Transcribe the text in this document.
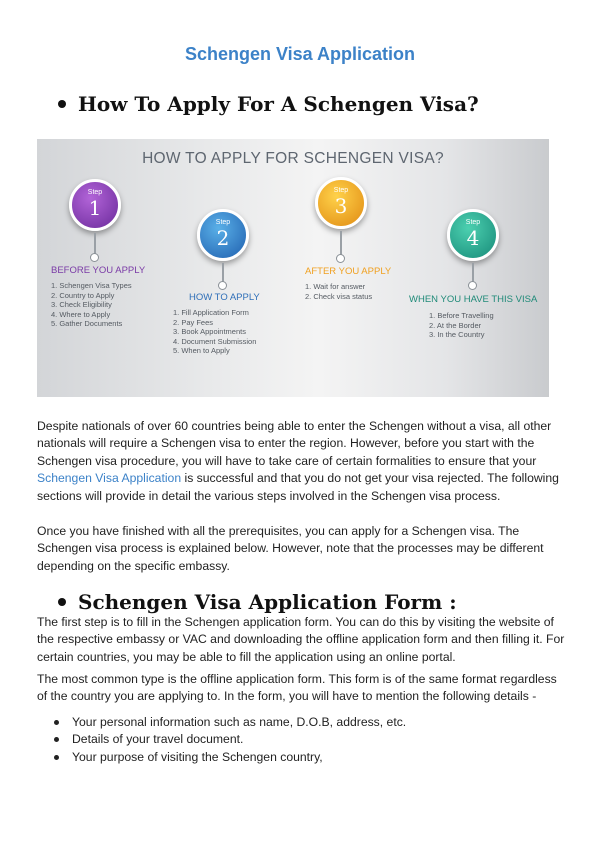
Schengen Visa Application
How To Apply For A Schengen Visa?
HOW TO APPLY FOR SCHENGEN VISA?
Step
1
BEFORE YOU APPLY
1. Schengen Visa Types
2. Country to Apply
3. Check Eligibility
4. Where to Apply
5. Gather Documents
Step
2
HOW TO APPLY
1. Fill Application Form
2. Pay Fees
3. Book Appointments
4. Document Submission
5. When to Apply
Step
3
AFTER YOU APPLY
1. Wait for answer
2. Check visa status
Step
4
WHEN YOU HAVE THIS VISA
1. Before Travelling
2. At the Border
3. In the Country

Despite nationals of over 60 countries being able to enter the Schengen without a visa, all other nationals will require a Schengen visa to enter the region. However, before you start with the Schengen visa procedure, you will have to take care of certain formalities to ensure that your Schengen Visa Application is successful and that you do not get your visa rejected. The following sections will provide in detail the various steps involved in the Schengen visa process.

Once you have finished with all the prerequisites, you can apply for a Schengen visa. The Schengen visa process is explained below. However, note that the processes may be different depending on the specific embassy.

Schengen Visa Application Form :

The first step is to fill in the Schengen application form. You can do this by visiting the website of the respective embassy or VAC and downloading the offline application form and then filling it. For certain countries, you may be able to fill the application using an online portal.

The most common type is the offline application form. This form is of the same format regardless of the country you are applying to. In the form, you will have to mention the following details -

Your personal information such as name, D.O.B, address, etc.
Details of your travel document.
Your purpose of visiting the Schengen country,
